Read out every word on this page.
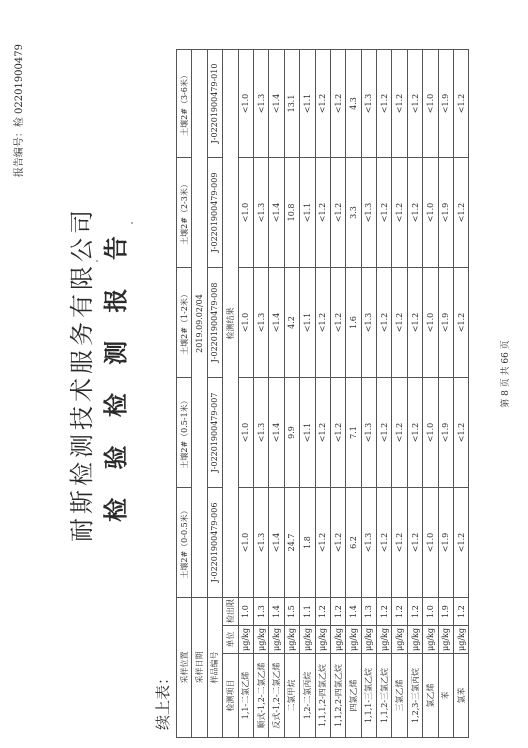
报告编号：检 02201900479
耐斯检测技术服务有限公司 检 验 检 测 报 告
续上表：
采样位置			土壤2#（0-0.5米）	土壤2#（0.5-1米）	土壤2#（1-2米）	土壤2#（2-3米）	土壤2#（3-6米）
采样日期			2019.09.02/04				
样品编号			J-02201900479-006	J-02201900479-007	J-02201900479-008	J-02201900479-009	J-02201900479-010
检测项目	单位	检出限	检测结果				
1,1-二氯乙烯	μg/kg	1.0	<1.0	<1.0	<1.0	<1.0	<1.0
顺式-1,2-二氯乙烯	μg/kg	1.3	<1.3	<1.3	<1.3	<1.3	<1.3
反式-1,2-二氯乙烯	μg/kg	1.4	<1.4	<1.4	<1.4	<1.4	<1.4
二氯甲烷	μg/kg	1.5	24.7	9.9	4.2	10.8	13.1
1,2-二氯丙烷	μg/kg	1.1	1.8	<1.1	<1.1	<1.1	<1.1
1,1,1,2-四氯乙烷	μg/kg	1.2	<1.2	<1.2	<1.2	<1.2	<1.2
1,1,2,2-四氯乙烷	μg/kg	1.2	<1.2	<1.2	<1.2	<1.2	<1.2
四氯乙烯	μg/kg	1.4	6.2	7.1	1.6	3.3	4.3
1,1,1-三氯乙烷	μg/kg	1.3	<1.3	<1.3	<1.3	<1.3	<1.3
1,1,2-三氯乙烷	μg/kg	1.2	<1.2	<1.2	<1.2	<1.2	<1.2
三氯乙烯	μg/kg	1.2	<1.2	<1.2	<1.2	<1.2	<1.2
1,2,3-三氯丙烷	μg/kg	1.2	<1.2	<1.2	<1.2	<1.2	<1.2
氯乙烯	μg/kg	1.0	<1.0	<1.0	<1.0	<1.0	<1.0
苯	μg/kg	1.9	<1.9	<1.9	<1.9	<1.9	<1.9
氯苯	μg/kg	1.2	<1.2	<1.2	<1.2	<1.2	<1.2
第 8 页 共 66 页
